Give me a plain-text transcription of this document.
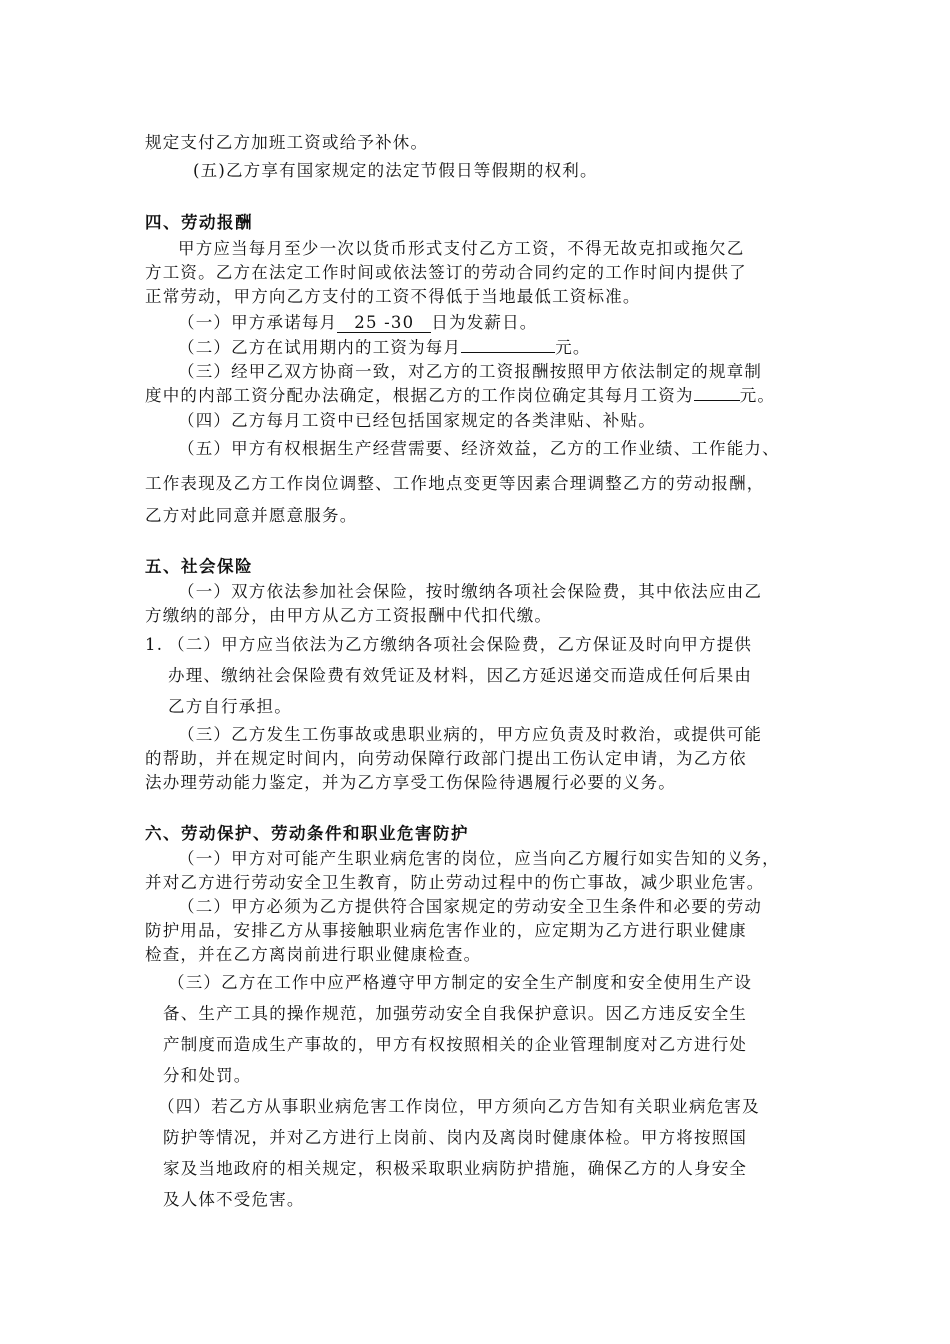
规定支付乙方加班工资或给予补休。
(五)乙方享有国家规定的法定节假日等假期的权利。
四、劳动报酬
甲方应当每月至少一次以货币形式支付乙方工资，不得无故克扣或拖欠乙
方工资。乙方在法定工作时间或依法签订的劳动合同约定的工作时间内提供了
正常劳动，甲方向乙方支付的工资不得低于当地最低工资标准。
（一）甲方承诺每月25 -30日为发薪日。
（二）乙方在试用期内的工资为每月	元。
（三）经甲乙双方协商一致，对乙方的工资报酬按照甲方依法制定的规章制
度中的内部工资分配办法确定，根据乙方的工作岗位确定其每月工资为	元。
（四）乙方每月工资中已经包括国家规定的各类津贴、补贴。
（五）甲方有权根据生产经营需要、经济效益，乙方的工作业绩、工作能力、
工作表现及乙方工作岗位调整、工作地点变更等因素合理调整乙方的劳动报酬，
乙方对此同意并愿意服务。
五、社会保险
（一）双方依法参加社会保险，按时缴纳各项社会保险费，其中依法应由乙
方缴纳的部分，由甲方从乙方工资报酬中代扣代缴。
1. （二）甲方应当依法为乙方缴纳各项社会保险费，乙方保证及时向甲方提供
办理、缴纳社会保险费有效凭证及材料，因乙方延迟递交而造成任何后果由
乙方自行承担。
（三）乙方发生工伤事故或患职业病的，甲方应负责及时救治，或提供可能
的帮助，并在规定时间内，向劳动保障行政部门提出工伤认定申请，为乙方依
法办理劳动能力鉴定，并为乙方享受工伤保险待遇履行必要的义务。
六、劳动保护、劳动条件和职业危害防护
（一）甲方对可能产生职业病危害的岗位，应当向乙方履行如实告知的义务，
并对乙方进行劳动安全卫生教育，防止劳动过程中的伤亡事故，减少职业危害。
（二）甲方必须为乙方提供符合国家规定的劳动安全卫生条件和必要的劳动
防护用品，安排乙方从事接触职业病危害作业的，应定期为乙方进行职业健康
检查，并在乙方离岗前进行职业健康检查。
（三）乙方在工作中应严格遵守甲方制定的安全生产制度和安全使用生产设
备、生产工具的操作规范，加强劳动安全自我保护意识。因乙方违反安全生
产制度而造成生产事故的，甲方有权按照相关的企业管理制度对乙方进行处
分和处罚。
（四）若乙方从事职业病危害工作岗位，甲方须向乙方告知有关职业病危害及
防护等情况，并对乙方进行上岗前、岗内及离岗时健康体检。甲方将按照国
家及当地政府的相关规定，积极采取职业病防护措施，确保乙方的人身安全
及人体不受危害。
